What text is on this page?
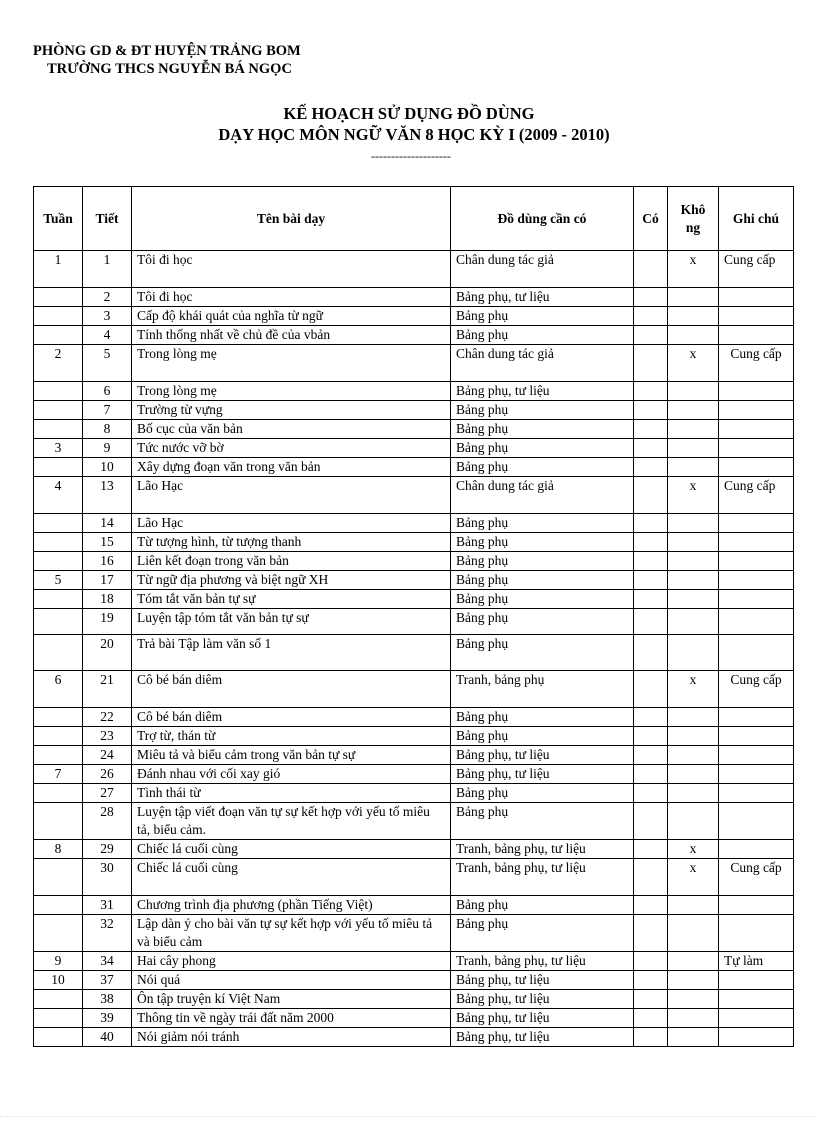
PHÒNG GD & ĐT HUYỆN TRẢNG BOM
TRƯỜNG THCS NGUYỄN BÁ NGỌC
KẾ HOẠCH SỬ DỤNG ĐỒ DÙNG
DẠY HỌC MÔN NGỮ VĂN 8 HỌC KỲ I (2009 - 2010)
--------------------
Tuần	Tiết	Tên bài dạy	Đồ dùng cần có	Có	Khô ng	Ghi chú
1	1	Tôi đi học	Chân dung tác giả		x	Cung cấp
	2	Tôi đi học	Bảng phụ, tư liệu			
	3	Cấp độ khái quát của nghĩa từ ngữ	Bảng phụ			
	4	Tính thống nhất về chủ đề của vbản	Bảng phụ			
2	5	Trong lòng mẹ	Chân dung tác giả		x	Cung cấp
	6	Trong lòng mẹ	Bảng phụ, tư liệu			
	7	Trường từ vựng	Bảng phụ			
	8	Bố cục của văn bản	Bảng phụ			
3	9	Tức nước vỡ bờ	Bảng phụ			
	10	Xây dựng đoạn văn trong văn bản	Bảng phụ			
4	13	Lão Hạc	Chân dung tác giả		x	Cung cấp
	14	Lão Hạc	Bảng phụ			
	15	Từ tượng hình, từ tượng thanh	Bảng phụ			
	16	Liên kết đoạn trong văn bản	Bảng phụ			
5	17	Từ ngữ địa phương và biệt ngữ XH	Bảng phụ			
	18	Tóm tắt văn bản tự sự	Bảng phụ			
	19	Luyện tập tóm tắt văn bản tự sự	Bảng phụ			
	20	Trả bài Tập làm văn số 1	Bảng phụ			
6	21	Cô bé bán diêm	Tranh, bảng phụ		x	Cung cấp
	22	Cô bé bán diêm	Bảng phụ			
	23	Trợ từ, thán từ	Bảng phụ			
	24	Miêu tả và biểu cảm trong văn bản tự sự	Bảng phụ, tư liệu			
7	26	Đánh nhau với cối xay gió	Bảng phụ, tư liệu			
	27	Tình thái từ	Bảng phụ			
	28	Luyện tập viết đoạn văn tự sự kết hợp với yếu tố miêu tả, biểu cảm.	Bảng phụ			
8	29	Chiếc lá cuối cùng	Tranh, bảng phụ, tư liệu		x	
	30	Chiếc lá cuối cùng	Tranh, bảng phụ, tư liệu		x	Cung cấp
	31	Chương trình địa phương (phần Tiếng Việt)	Bảng phụ			
	32	Lập dàn ý cho bài văn tự sự kết hợp với yếu tố miêu tả và biểu cảm	Bảng phụ			
9	34	Hai cây phong	Tranh, bảng phụ, tư liệu			Tự làm
10	37	Nói quá	Bảng phụ, tư liệu			
	38	Ôn tập truyện kí Việt Nam	Bảng phụ, tư liệu			
	39	Thông tin về ngày trái đất năm 2000	Bảng phụ, tư liệu			
	40	Nói giảm nói tránh	Bảng phụ, tư liệu			
